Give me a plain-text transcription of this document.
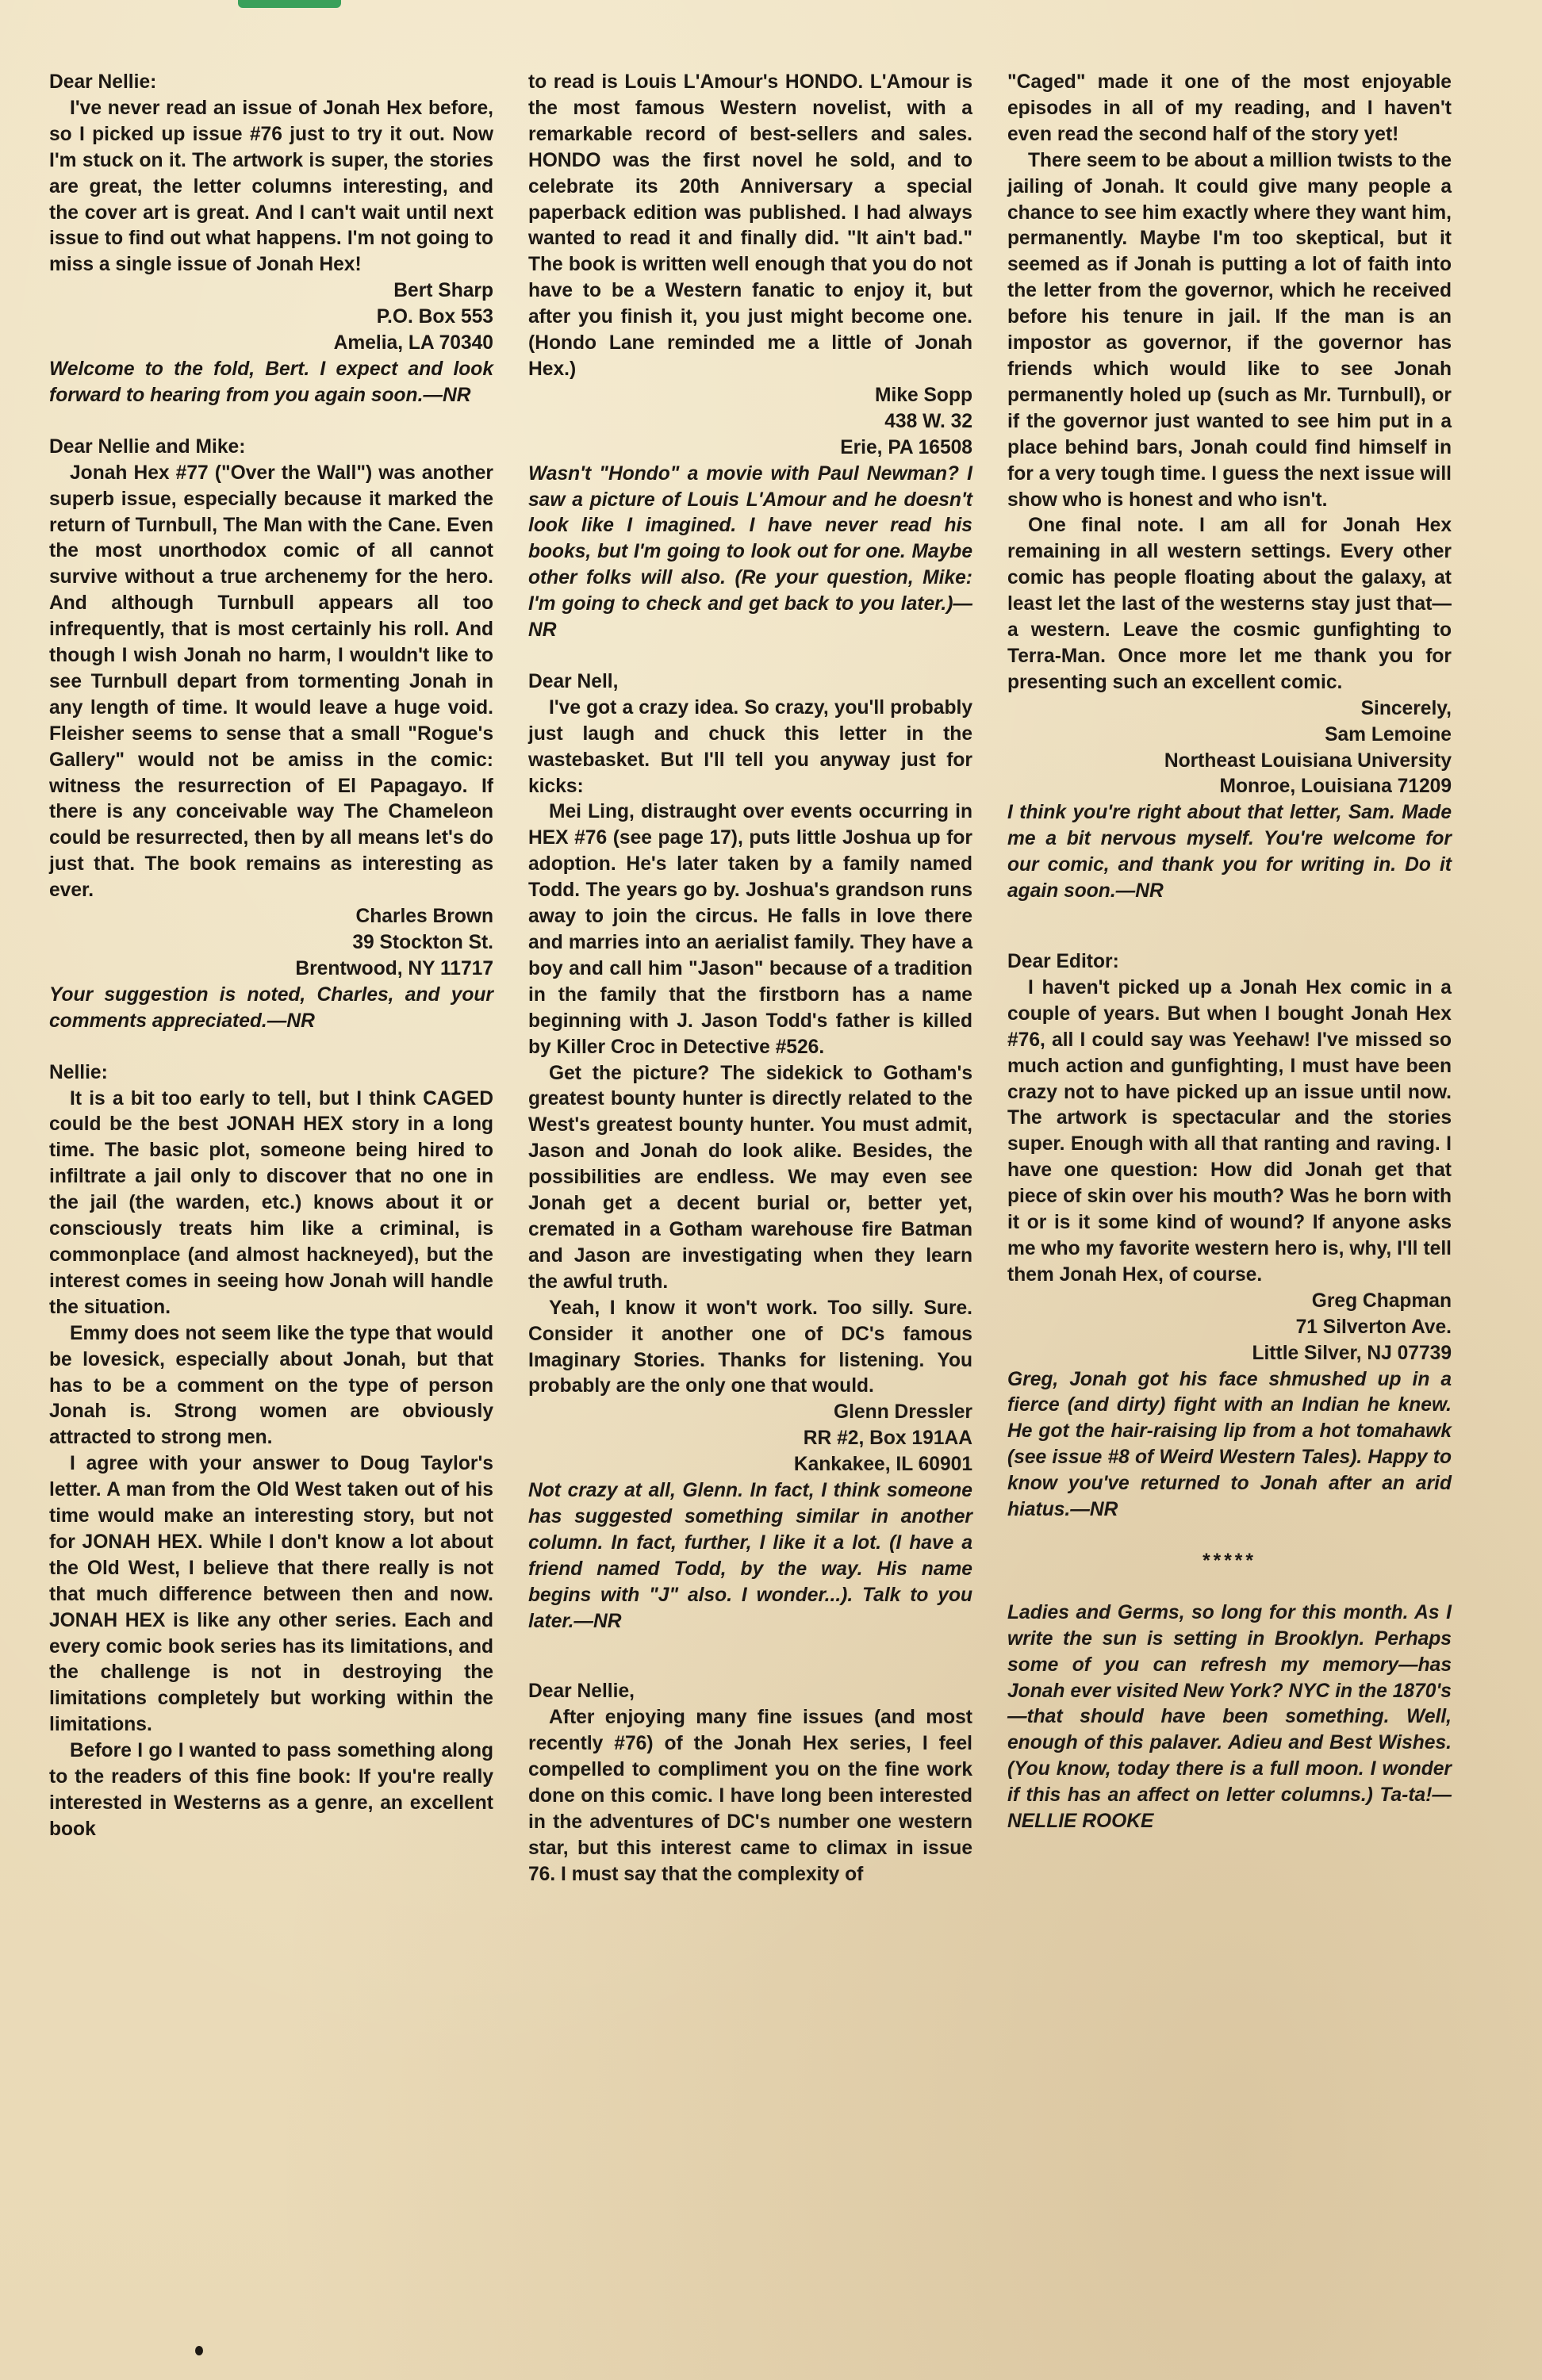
Dear Nellie:

I've never read an issue of Jonah Hex before, so I picked up issue #76 just to try it out. Now I'm stuck on it. The artwork is super, the stories are great, the letter columns interesting, and the cover art is great. And I can't wait until next issue to find out what happens. I'm not going to miss a single issue of Jonah Hex!

Bert Sharp

P.O. Box 553

Amelia, LA 70340

Welcome to the fold, Bert. I expect and look forward to hearing from you again soon.—NR

Dear Nellie and Mike:

Jonah Hex #77 ("Over the Wall") was another superb issue, especially because it marked the return of Turnbull, The Man with the Cane. Even the most unorthodox comic of all cannot survive without a true archenemy for the hero. And although Turnbull appears all too infrequently, that is most certainly his roll. And though I wish Jonah no harm, I wouldn't like to see Turnbull depart from tormenting Jonah in any length of time. It would leave a huge void. Fleisher seems to sense that a small "Rogue's Gallery" would not be amiss in the comic: witness the resurrection of El Papagayo. If there is any conceivable way The Chameleon could be resurrected, then by all means let's do just that. The book remains as interesting as ever.

Charles Brown

39 Stockton St.

Brentwood, NY 11717

Your suggestion is noted, Charles, and your comments appreciated.—NR

Nellie:

It is a bit too early to tell, but I think CAGED could be the best JONAH HEX story in a long time. The basic plot, someone being hired to infiltrate a jail only to discover that no one in the jail (the warden, etc.) knows about it or consciously treats him like a criminal, is commonplace (and almost hackneyed), but the interest comes in seeing how Jonah will handle the situation.

Emmy does not seem like the type that would be lovesick, especially about Jonah, but that has to be a comment on the type of person Jonah is. Strong women are obviously attracted to strong men.

I agree with your answer to Doug Taylor's letter. A man from the Old West taken out of his time would make an interesting story, but not for JONAH HEX. While I don't know a lot about the Old West, I believe that there really is not that much difference between then and now. JONAH HEX is like any other series. Each and every comic book series has its limitations, and the challenge is not in destroying the limitations completely but working within the limitations.

Before I go I wanted to pass something along to the readers of this fine book: If you're really interested in Westerns as a genre, an excellent book

to read is Louis L'Amour's HONDO. L'Amour is the most famous Western novelist, with a remarkable record of best-sellers and sales. HONDO was the first novel he sold, and to celebrate its 20th Anniversary a special paperback edition was published. I had always wanted to read it and finally did. "It ain't bad." The book is written well enough that you do not have to be a Western fanatic to enjoy it, but after you finish it, you just might become one. (Hondo Lane reminded me a little of Jonah Hex.)

Mike Sopp

438 W. 32

Erie, PA 16508

Wasn't "Hondo" a movie with Paul Newman? I saw a picture of Louis L'Amour and he doesn't look like I imagined. I have never read his books, but I'm going to look out for one. Maybe other folks will also. (Re your question, Mike: I'm going to check and get back to you later.)—NR

Dear Nell,

I've got a crazy idea. So crazy, you'll probably just laugh and chuck this letter in the wastebasket. But I'll tell you anyway just for kicks:

Mei Ling, distraught over events occurring in HEX #76 (see page 17), puts little Joshua up for adoption. He's later taken by a family named Todd. The years go by. Joshua's grandson runs away to join the circus. He falls in love there and marries into an aerialist family. They have a boy and call him "Jason" because of a tradition in the family that the firstborn has a name beginning with J. Jason Todd's father is killed by Killer Croc in Detective #526.

Get the picture? The sidekick to Gotham's greatest bounty hunter is directly related to the West's greatest bounty hunter. You must admit, Jason and Jonah do look alike. Besides, the possibilities are endless. We may even see Jonah get a decent burial or, better yet, cremated in a Gotham warehouse fire Batman and Jason are investigating when they learn the awful truth.

Yeah, I know it won't work. Too silly. Sure. Consider it another one of DC's famous Imaginary Stories. Thanks for listening. You probably are the only one that would.

Glenn Dressler

RR #2, Box 191AA

Kankakee, IL 60901

Not crazy at all, Glenn. In fact, I think someone has suggested something similar in another column. In fact, further, I like it a lot. (I have a friend named Todd, by the way. His name begins with "J" also. I wonder...). Talk to you later.—NR

Dear Nellie,

After enjoying many fine issues (and most recently #76) of the Jonah Hex series, I feel compelled to compliment you on the fine work done on this comic. I have long been interested in the adventures of DC's number one western star, but this interest came to climax in issue 76. I must say that the complexity of

"Caged" made it one of the most enjoyable episodes in all of my reading, and I haven't even read the second half of the story yet!

There seem to be about a million twists to the jailing of Jonah. It could give many people a chance to see him exactly where they want him, permanently. Maybe I'm too skeptical, but it seemed as if Jonah is putting a lot of faith into the letter from the governor, which he received before his tenure in jail. If the man is an impostor as governor, if the governor has friends which would like to see Jonah permanently holed up (such as Mr. Turnbull), or if the governor just wanted to see him put in a place behind bars, Jonah could find himself in for a very tough time. I guess the next issue will show who is honest and who isn't.

One final note. I am all for Jonah Hex remaining in all western settings. Every other comic has people floating about the galaxy, at least let the last of the westerns stay just that—a western. Leave the cosmic gunfighting to Terra-Man. Once more let me thank you for presenting such an excellent comic.

Sincerely,

Sam Lemoine

Northeast Louisiana University

Monroe, Louisiana 71209

I think you're right about that letter, Sam. Made me a bit nervous myself. You're welcome for our comic, and thank you for writing in. Do it again soon.—NR

Dear Editor:

I haven't picked up a Jonah Hex comic in a couple of years. But when I bought Jonah Hex #76, all I could say was Yeehaw! I've missed so much action and gunfighting, I must have been crazy not to have picked up an issue until now. The artwork is spectacular and the stories super. Enough with all that ranting and raving. I have one question: How did Jonah get that piece of skin over his mouth? Was he born with it or is it some kind of wound? If anyone asks me who my favorite western hero is, why, I'll tell them Jonah Hex, of course.

Greg Chapman

71 Silverton Ave.

Little Silver, NJ 07739

Greg, Jonah got his face shmushed up in a fierce (and dirty) fight with an Indian he knew. He got the hair-raising lip from a hot tomahawk (see issue #8 of Weird Western Tales). Happy to know you've returned to Jonah after an arid hiatus.—NR

*****

Ladies and Germs, so long for this month. As I write the sun is setting in Brooklyn. Perhaps some of you can refresh my memory—has Jonah ever visited New York? NYC in the 1870's—that should have been something. Well, enough of this palaver. Adieu and Best Wishes. (You know, today there is a full moon. I wonder if this has an affect on letter columns.) Ta-ta!—NELLIE ROOKE
